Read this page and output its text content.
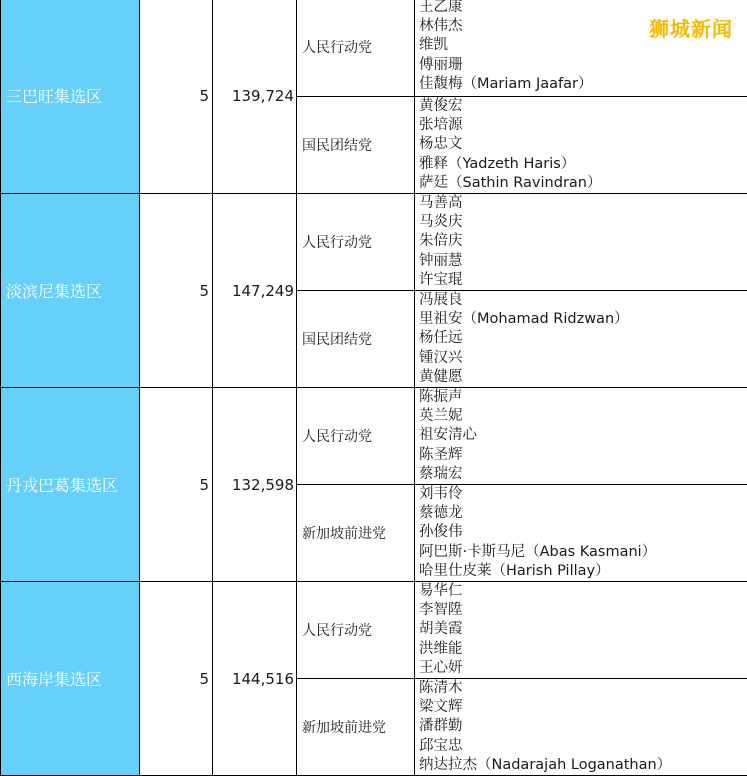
三巴旺集选区	5	139,724	人民行动党	王乙康
林伟杰
维凯
傅丽珊
佳馥梅（Mariam Jaafar）

			国民团结党	黄俊宏
张培源
杨忠文
雅释（Yadzeth Haris）
萨廷（Sathin Ravindran）

淡滨尼集选区	5	147,249	人民行动党	马善高
马炎庆
朱倍庆
钟丽慧
许宝琨

			国民团结党	冯展良
里祖安（Mohamad Ridzwan）
杨任远
锺汉兴
黄健愿

丹戎巴葛集选区	5	132,598	人民行动党	陈振声
英兰妮
祖安清心
陈圣辉
蔡瑞宏

			新加坡前进党	刘韦伶
蔡德龙
孙俊伟
阿巴斯·卡斯马尼（Abas Kasmani）
哈里仕皮莱（Harish Pillay）

西海岸集选区	5	144,516	人民行动党	易华仁
李智陞
胡美霞
洪维能
王心妍

			新加坡前进党	陈清木
梁文辉
潘群勤
邱宝忠
纳达拉杰（Nadarajah Loganathan）
狮城新闻
